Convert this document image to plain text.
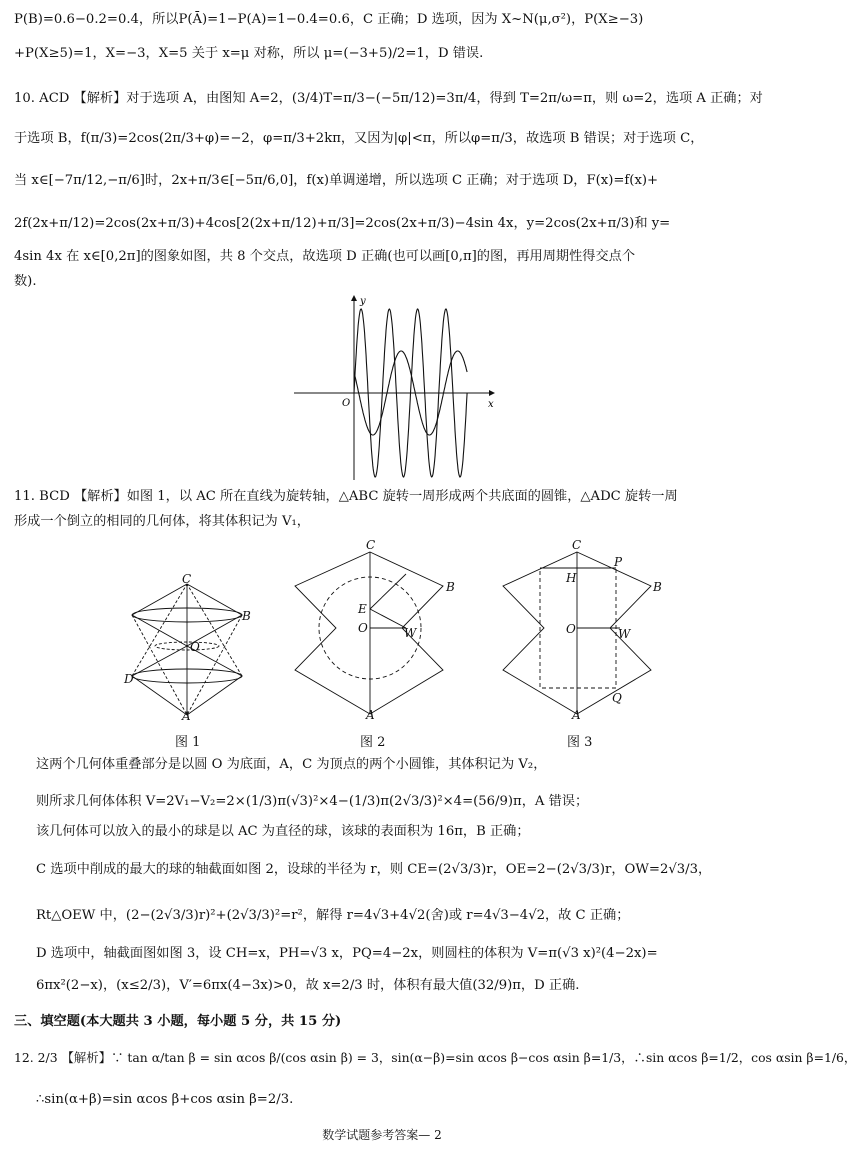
P(B)=0.6−0.2=0.4，所以P(Ā)=1−P(A)=1−0.4=0.6，C 正确；D 选项，因为 X~N(μ,σ²)，P(X≥−3)
+P(X≥5)=1，X=−3，X=5 关于 x=μ 对称，所以 μ=(−3+5)/2=1，D 错误.
10. ACD 【解析】对于选项 A，由图知 A=2，(3/4)T=π/3−(−5π/12)=3π/4，得到 T=2π/ω=π，则 ω=2，选项 A 正确；对
于选项 B，f(π/3)=2cos(2π/3+φ)=−2，φ=π/3+2kπ，又因为|φ|<π，所以φ=π/3，故选项 B 错误；对于选项 C，
当 x∈[−7π/12,−π/6]时，2x+π/3∈[−5π/6,0]，f(x)单调递增，所以选项 C 正确；对于选项 D，F(x)=f(x)+
2f(2x+π/12)=2cos(2x+π/3)+4cos[2(2x+π/12)+π/3]=2cos(2x+π/3)−4sin 4x，y=2cos(2x+π/3)和 y=
4sin 4x 在 x∈[0,2π]的图象如图，共 8 个交点，故选项 D 正确(也可以画[0,π]的图，再用周期性得交点个
数).
y
x
O
11. BCD 【解析】如图 1，以 AC 所在直线为旋转轴，△ABC 旋转一周形成两个共底面的圆锥，△ADC 旋转一周
形成一个倒立的相同的几何体，将其体积记为 V₁，
C
B
O
D
A
图 1
C
E
O	W
B
A
图 2
C
P
H
B
O	W
Q
A
图 3
这两个几何体重叠部分是以圆 O 为底面，A，C 为顶点的两个小圆锥，其体积记为 V₂，
则所求几何体体积 V=2V₁−V₂=2×(1/3)π(√3)²×4−(1/3)π(2√3/3)²×4=(56/9)π，A 错误；
该几何体可以放入的最小的球是以 AC 为直径的球，该球的表面积为 16π，B 正确；
C 选项中削成的最大的球的轴截面如图 2，设球的半径为 r，则 CE=(2√3/3)r，OE=2−(2√3/3)r，OW=2√3/3，
Rt△OEW 中，(2−(2√3/3)r)²+(2√3/3)²=r²，解得 r=4√3+4√2(舍)或 r=4√3−4√2，故 C 正确；
D 选项中，轴截面图如图 3，设 CH=x，PH=√3 x，PQ=4−2x，则圆柱的体积为 V=π(√3 x)²(4−2x)=
6πx²(2−x)，(x≤2/3)，V′=6πx(4−3x)>0，故 x=2/3 时，体积有最大值(32/9)π，D 正确.
三、填空题(本大题共 3 小题，每小题 5 分，共 15 分)
12. 2/3 【解析】∵ tan α/tan β = sin αcos β/(cos αsin β) = 3，sin(α−β)=sin αcos β−cos αsin β=1/3，∴sin αcos β=1/2，cos αsin β=1/6，
∴sin(α+β)=sin αcos β+cos αsin β=2/3.
数学试题参考答案— 2
